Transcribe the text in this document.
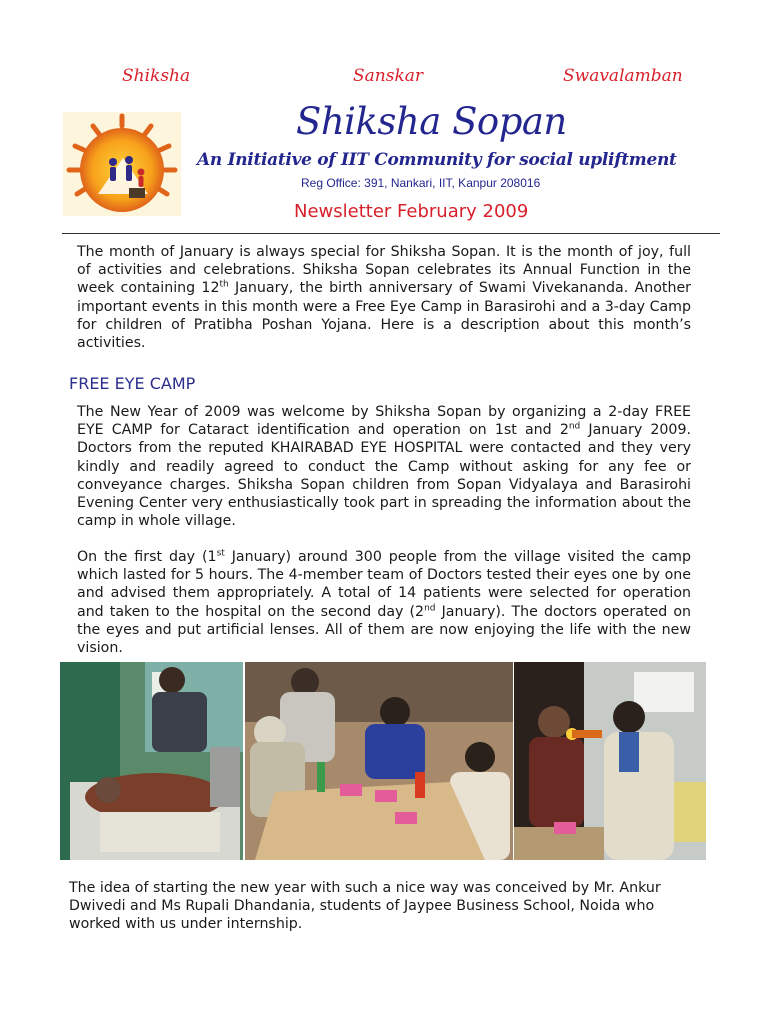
Shiksha	Sanskar	Swavalamban
Shiksha Sopan
An Initiative of IIT Community for social upliftment
Reg Office: 391, Nankari, IIT, Kanpur 208016
Newsletter February 2009

The month of January is always special for Shiksha Sopan. It is the month of joy, full of activities and celebrations. Shiksha Sopan celebrates its Annual Function in the week containing 12th January, the birth anniversary of Swami Vivekananda. Another important events in this month were a Free Eye Camp in Barasirohi and a 3-day Camp for children of Pratibha Poshan Yojana. Here is a description about this month’s activities.

FREE EYE CAMP

The New Year of 2009 was welcome by Shiksha Sopan by organizing a 2-day FREE EYE CAMP for Cataract identification and operation on 1st and 2nd January 2009. Doctors from the reputed KHAIRABAD EYE HOSPITAL were contacted and they very kindly and readily agreed to conduct the Camp without asking for any fee or conveyance charges. Shiksha Sopan children from Sopan Vidyalaya and Barasirohi Evening Center very enthusiastically took part in spreading the information about the camp in whole village.

On the first day (1st January) around 300 people from the village visited the camp which lasted for 5 hours. The 4-member team of Doctors tested their eyes one by one and advised them appropriately. A total of 14 patients were selected for operation and taken to the hospital on the second day (2nd January). The doctors operated on the eyes and put artificial lenses. All of them are now enjoying the life with the new vision.

The idea of starting the new year with such a nice way was conceived by Mr. Ankur Dwivedi and Ms Rupali Dhandania, students of Jaypee Business School, Noida who worked with us under internship.
